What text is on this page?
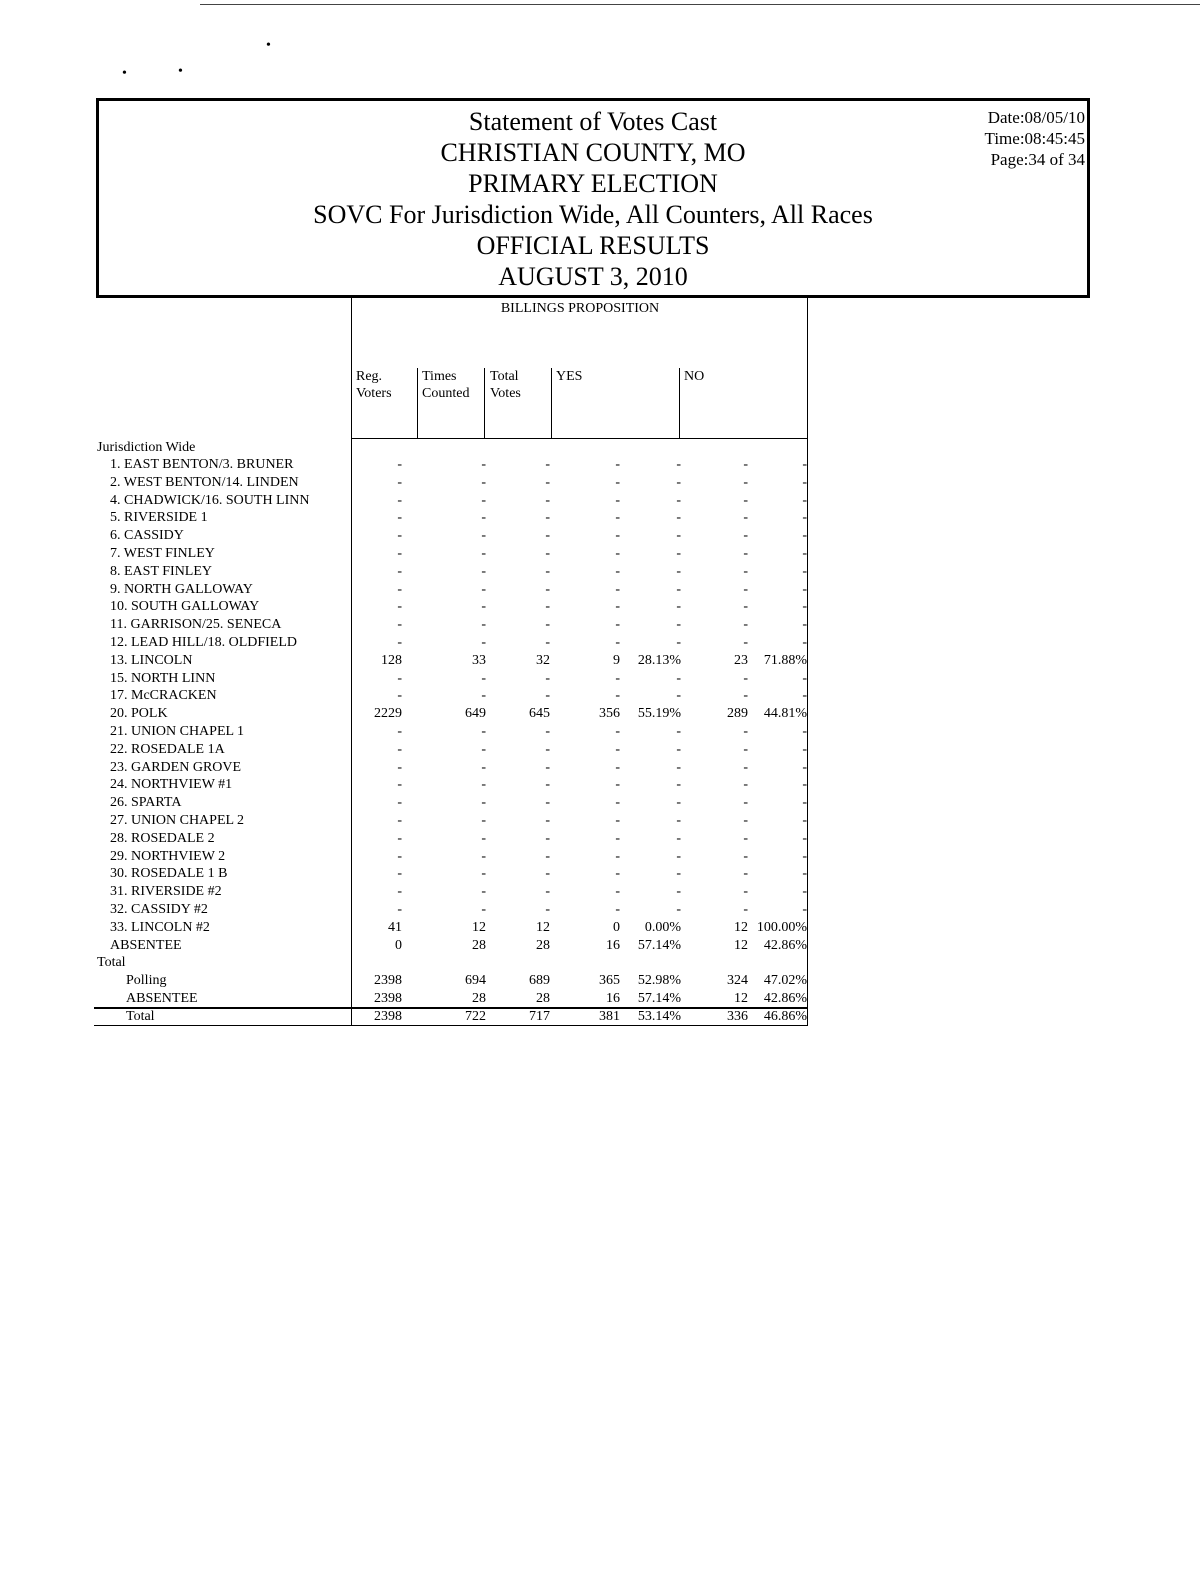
•
•	•
Statement of Votes Cast
CHRISTIAN COUNTY, MO
PRIMARY ELECTION
SOVC For Jurisdiction Wide, All Counters, All Races
OFFICIAL RESULTS
AUGUST 3, 2010
Date:08/05/10
Time:08:45:45
Page:34 of 34
BILLINGS PROPOSITION
Reg. Voters
Times Counted
Total Votes
YES	NO
Jurisdiction Wide
Total
1. EAST BENTON/3. BRUNER	-	-	-	-	-	-	-
2. WEST BENTON/14. LINDEN	-	-	-	-	-	-	-
4. CHADWICK/16. SOUTH LINN	-	-	-	-	-	-	-
5. RIVERSIDE 1	-	-	-	-	-	-	-
6. CASSIDY	-	-	-	-	-	-	-
7. WEST FINLEY	-	-	-	-	-	-	-
8. EAST FINLEY	-	-	-	-	-	-	-
9. NORTH GALLOWAY	-	-	-	-	-	-	-
10. SOUTH GALLOWAY	-	-	-	-	-	-	-
11. GARRISON/25. SENECA	-	-	-	-	-	-	-
12. LEAD HILL/18. OLDFIELD	-	-	-	-	-	-	-
13. LINCOLN	128	33	32	9 28.13%	23 71.88%
15. NORTH LINN	-	-	-	-	-	-	-
17. McCRACKEN	-	-	-	-	-	-	-
20. POLK	2229	649	645	356 55.19%	289 44.81%
21. UNION CHAPEL 1	-	-	-	-	-	-	-
22. ROSEDALE 1A	-	-	-	-	-	-	-
23. GARDEN GROVE	-	-	-	-	-	-	-
24. NORTHVIEW #1	-	-	-	-	-	-	-
26. SPARTA	-	-	-	-	-	-	-
27. UNION CHAPEL 2	-	-	-	-	-	-	-
28. ROSEDALE 2	-	-	-	-	-	-	-
29. NORTHVIEW 2	-	-	-	-	-	-	-
30. ROSEDALE 1 B	-	-	-	-	-	-	-
31. RIVERSIDE #2	-	-	-	-	-	-	-
32. CASSIDY #2	-	-	-	-	-	-	-
33. LINCOLN #2	41	12	12	0 0.00%	12 100.00%
ABSENTEE	0	28	28	16 57.14%	12 42.86%
Polling	2398	694	689	365 52.98%	324 47.02%
ABSENTEE	2398	28	28	16 57.14%	12 42.86%
Total	2398	722	717	381 53.14%	336 46.86%
